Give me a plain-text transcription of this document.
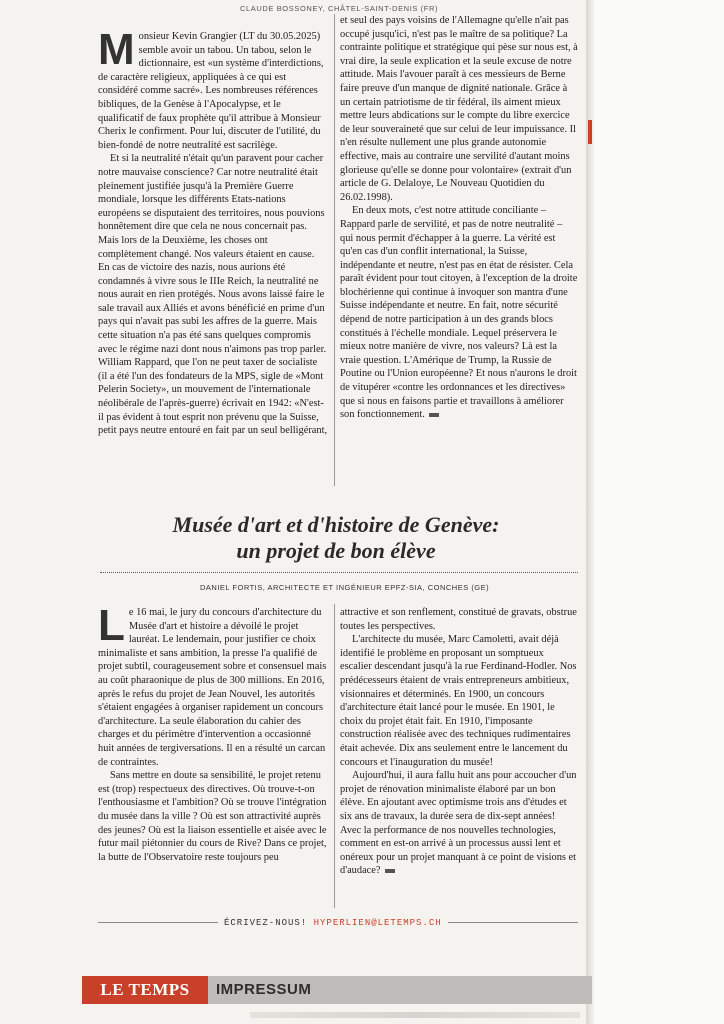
CLAUDE BOSSONEY, CHÂTEL-SAINT-DENIS (FR)
M onsieur Kevin Grangier (LT du 30.05.2025) semble avoir un tabou. Un tabou, selon le dictionnaire, est «un système d'interdictions, de caractère religieux, appliquées à ce qui est considéré comme sacré». Les nombreuses références bibliques, de la Genèse à l'Apocalypse, et le qualificatif de faux prophète qu'il attribue à Monsieur Cherix le confirment. Pour lui, discuter de l'utilité, du bien-fondé de notre neutralité est sacrilège.

Et si la neutralité n'était qu'un paravent pour cacher notre mauvaise conscience? Car notre neutralité était pleinement justifiée jusqu'à la Première Guerre mondiale, lorsque les différents Etats-nations européens se disputaient des territoires, nous pouvions honnêtement dire que cela ne nous concernait pas. Mais lors de la Deuxième, les choses ont complètement changé. Nos valeurs étaient en cause. En cas de victoire des nazis, nous aurions été condamnés à vivre sous le IIIe Reich, la neutralité ne nous aurait en rien protégés. Nous avons laissé faire le sale travail aux Alliés et avons bénéficié en prime d'un pays qui n'avait pas subi les affres de la guerre. Mais cette situation n'a pas été sans quelques compromis avec le régime nazi dont nous n'aimons pas trop parler. William Rappard, que l'on ne peut taxer de socialiste (il a été l'un des fondateurs de la MPS, sigle de «Mont Pelerin Society», un mouvement de l'internationale néolibérale de l'après-guerre) écrivait en 1942: «N'est-il pas évident à tout esprit non prévenu que la Suisse, petit pays neutre entouré en fait par un seul belligérant,

et seul des pays voisins de l'Allemagne qu'elle n'ait pas occupé jusqu'ici, n'est pas le maître de sa politique? La contrainte politique et stratégique qui pèse sur nous est, à vrai dire, la seule explication et la seule excuse de notre attitude. Mais l'avouer paraît à ces messieurs de Berne faire preuve d'un manque de dignité nationale. Grâce à un certain patriotisme de tir fédéral, ils aiment mieux mettre leurs abdications sur le compte du libre exercice de leur souveraineté que sur celui de leur impuissance. Il n'en résulte nullement une plus grande autonomie effective, mais au contraire une servilité d'autant moins glorieuse qu'elle se donne pour volontaire» (extrait d'un article de G. Delaloye, Le Nouveau Quotidien du 26.02.1998).

En deux mots, c'est notre attitude conciliante – Rappard parle de servilité, et pas de notre neutralité – qui nous permit d'échapper à la guerre. La vérité est qu'en cas d'un conflit international, la Suisse, indépendante et neutre, n'est pas en état de résister. Cela paraît évident pour tout citoyen, à l'exception de la droite blochérienne qui continue à invoquer son mantra d'une Suisse indépendante et neutre. En fait, notre sécurité dépend de notre participation à un des grands blocs constitués à l'échelle mondiale. Lequel préservera le mieux notre manière de vivre, nos valeurs? Là est la vraie question. L'Amérique de Trump, la Russie de Poutine ou l'Union européenne? Et nous n'aurons le droit de vitupérer «contre les ordonnances et les directives» que si nous en faisons partie et travaillons à améliorer son fonctionnement.

Musée d'art et d'histoire de Genève:
un projet de bon élève
DANIEL FORTIS, ARCHITECTE ET INGÉNIEUR EPFZ-SIA, CONCHES (GE)
L e 16 mai, le jury du concours d'architecture du Musée d'art et histoire a dévoilé le projet lauréat. Le lendemain, pour justifier ce choix minimaliste et sans ambition, la presse l'a qualifié de projet subtil, courageusement sobre et consensuel mais au coût pharaonique de plus de 300 millions. En 2016, après le refus du projet de Jean Nouvel, les autorités s'étaient engagées à organiser rapidement un concours d'architecture. La seule élaboration du cahier des charges et du périmètre d'intervention a occasionné huit années de tergiversations. Il en a résulté un carcan de contraintes.

Sans mettre en doute sa sensibilité, le projet retenu est (trop) respectueux des directives. Où trouve-t-on l'enthousiasme et l'ambition? Où se trouve l'intégration du musée dans la ville ? Où est son attractivité auprès des jeunes? Où est la liaison essentielle et aisée avec le futur mail piétonnier du cours de Rive? Dans ce projet, la butte de l'Observatoire reste toujours peu

attractive et son renflement, constitué de gravats, obstrue toutes les perspectives.

L'architecte du musée, Marc Camoletti, avait déjà identifié le problème en proposant un somptueux escalier descendant jusqu'à la rue Ferdinand-Hodler. Nos prédécesseurs étaient de vrais entrepreneurs ambitieux, visionnaires et déterminés. En 1900, un concours d'architecture était lancé pour le musée. En 1901, le choix du projet était fait. En 1910, l'imposante construction réalisée avec des techniques rudimentaires était achevée. Dix ans seulement entre le lancement du concours et l'inauguration du musée!

Aujourd'hui, il aura fallu huit ans pour accoucher d'un projet de rénovation minimaliste élaboré par un bon élève. En ajoutant avec optimisme trois ans d'études et six ans de travaux, la durée sera de dix-sept années! Avec la performance de nos nouvelles technologies, comment en est-on arrivé à un processus aussi lent et onéreux pour un projet manquant à ce point de visions et d'audace?

ÉCRIVEZ-NOUS! HYPERLIEN@LETEMPS.CH
LE TEMPS	IMPRESSUM
